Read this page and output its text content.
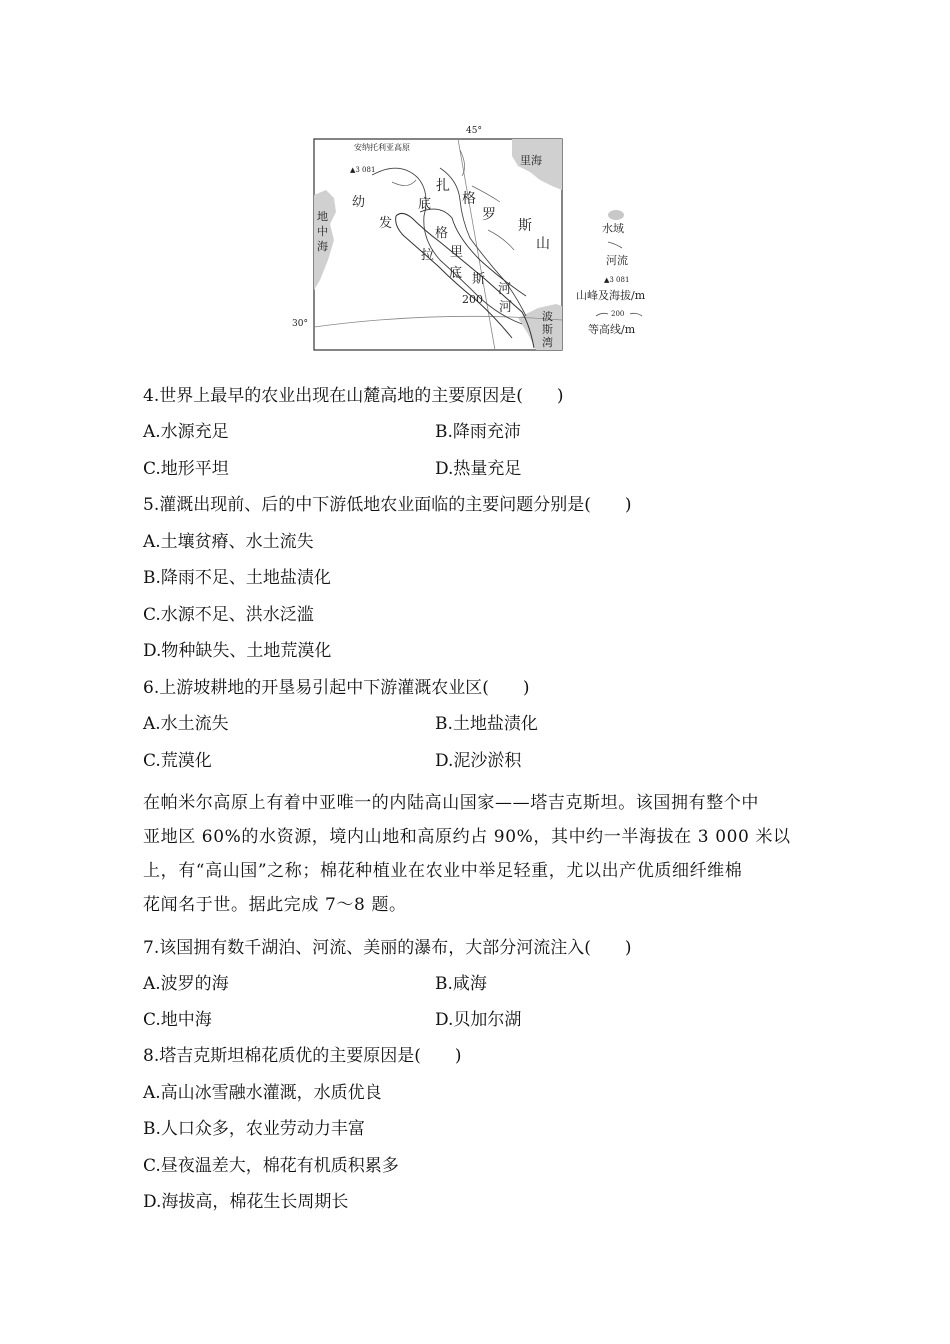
45°
30°
安纳托利亚高原
▲3 081
里海
地
中
海
幼
发
拉
底
河
底
格
里
斯
河
扎
格
罗
斯
山
200
波
斯
湾
水域
河流
▲3 081
山峰及海拔/m
200
等高线/m
4.世界上最早的农业出现在山麓高地的主要原因是(　　)
A.水源充足	B.降雨充沛
C.地形平坦	D.热量充足
5.灌溉出现前、后的中下游低地农业面临的主要问题分别是(　　)
A.土壤贫瘠、水土流失
B.降雨不足、土地盐渍化
C.水源不足、洪水泛滥
D.物种缺失、土地荒漠化
6.上游坡耕地的开垦易引起中下游灌溉农业区(　　)
A.水土流失	B.土地盐渍化
C.荒漠化	D.泥沙淤积
在帕米尔高原上有着中亚唯一的内陆高山国家——塔吉克斯坦。该国拥有整个中
亚地区 60%的水资源，境内山地和高原约占 90%，其中约一半海拔在 3 000 米以
上，有“高山国”之称；棉花种植业在农业中举足轻重，尤以出产优质细纤维棉
花闻名于世。据此完成 7～8 题。
7.该国拥有数千湖泊、河流、美丽的瀑布，大部分河流注入(　　)
A.波罗的海	B.咸海
C.地中海	D.贝加尔湖
8.塔吉克斯坦棉花质优的主要原因是(　　)
A.高山冰雪融水灌溉，水质优良
B.人口众多，农业劳动力丰富
C.昼夜温差大，棉花有机质积累多
D.海拔高，棉花生长周期长
